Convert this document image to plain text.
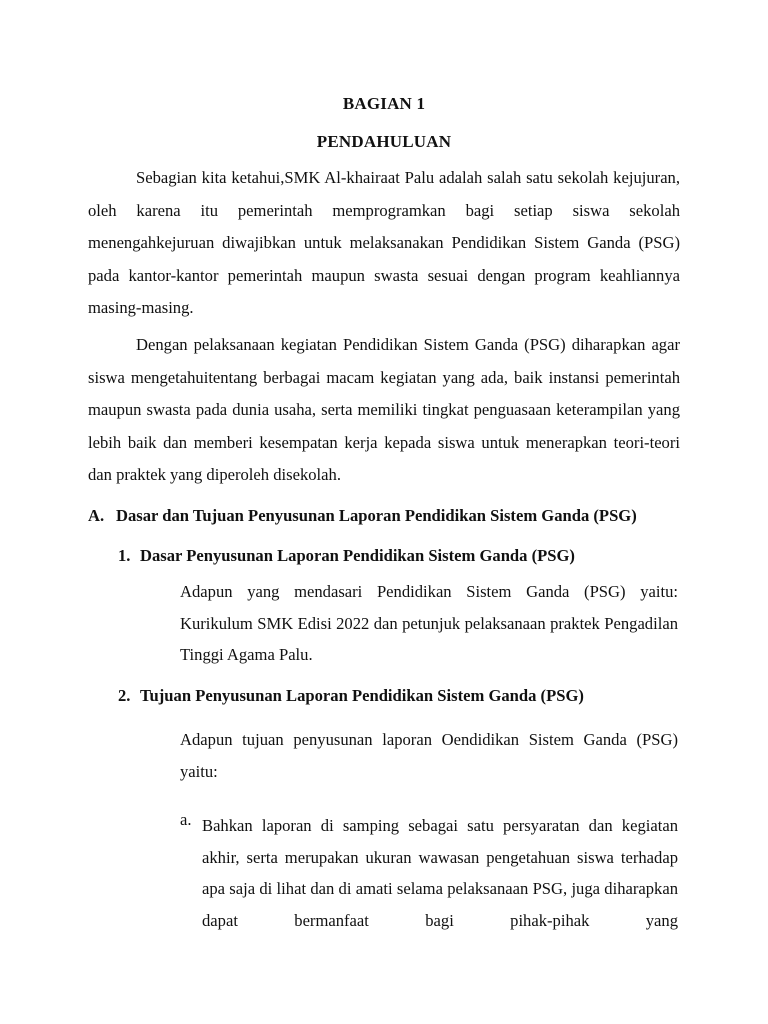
BAGIAN 1
PENDAHULUAN

Sebagian kita ketahui,SMK Al-khairaat Palu adalah salah satu sekolah kejujuran, oleh karena itu pemerintah memprogramkan bagi setiap siswa sekolah menengahkejuruan diwajibkan untuk melaksanakan Pendidikan Sistem Ganda (PSG) pada kantor-kantor pemerintah maupun swasta sesuai dengan program keahliannya masing-masing.

Dengan pelaksanaan kegiatan Pendidikan Sistem Ganda (PSG) diharapkan agar siswa mengetahuitentang berbagai macam kegiatan yang ada, baik instansi pemerintah maupun swasta pada dunia usaha, serta memiliki tingkat penguasaan keterampilan yang lebih baik dan memberi kesempatan kerja kepada siswa untuk menerapkan teori-teori dan praktek yang diperoleh disekolah.

A. Dasar dan Tujuan Penyusunan Laporan Pendidikan Sistem Ganda (PSG)
1. Dasar Penyusunan Laporan Pendidikan Sistem Ganda (PSG)

Adapun yang mendasari Pendidikan Sistem Ganda (PSG) yaitu: Kurikulum SMK Edisi 2022 dan petunjuk pelaksanaan praktek Pengadilan Tinggi Agama Palu.

2. Tujuan Penyusunan Laporan Pendidikan Sistem Ganda (PSG)

Adapun tujuan penyusunan laporan Oendidikan Sistem Ganda (PSG) yaitu:

a. Bahkan laporan di samping sebagai satu persyaratan dan kegiatan akhir, serta merupakan ukuran wawasan pengetahuan siswa terhadap apa saja di lihat dan di amati selama pelaksanaan PSG, juga diharapkan dapat bermanfaat bagi pihak-pihak yang
